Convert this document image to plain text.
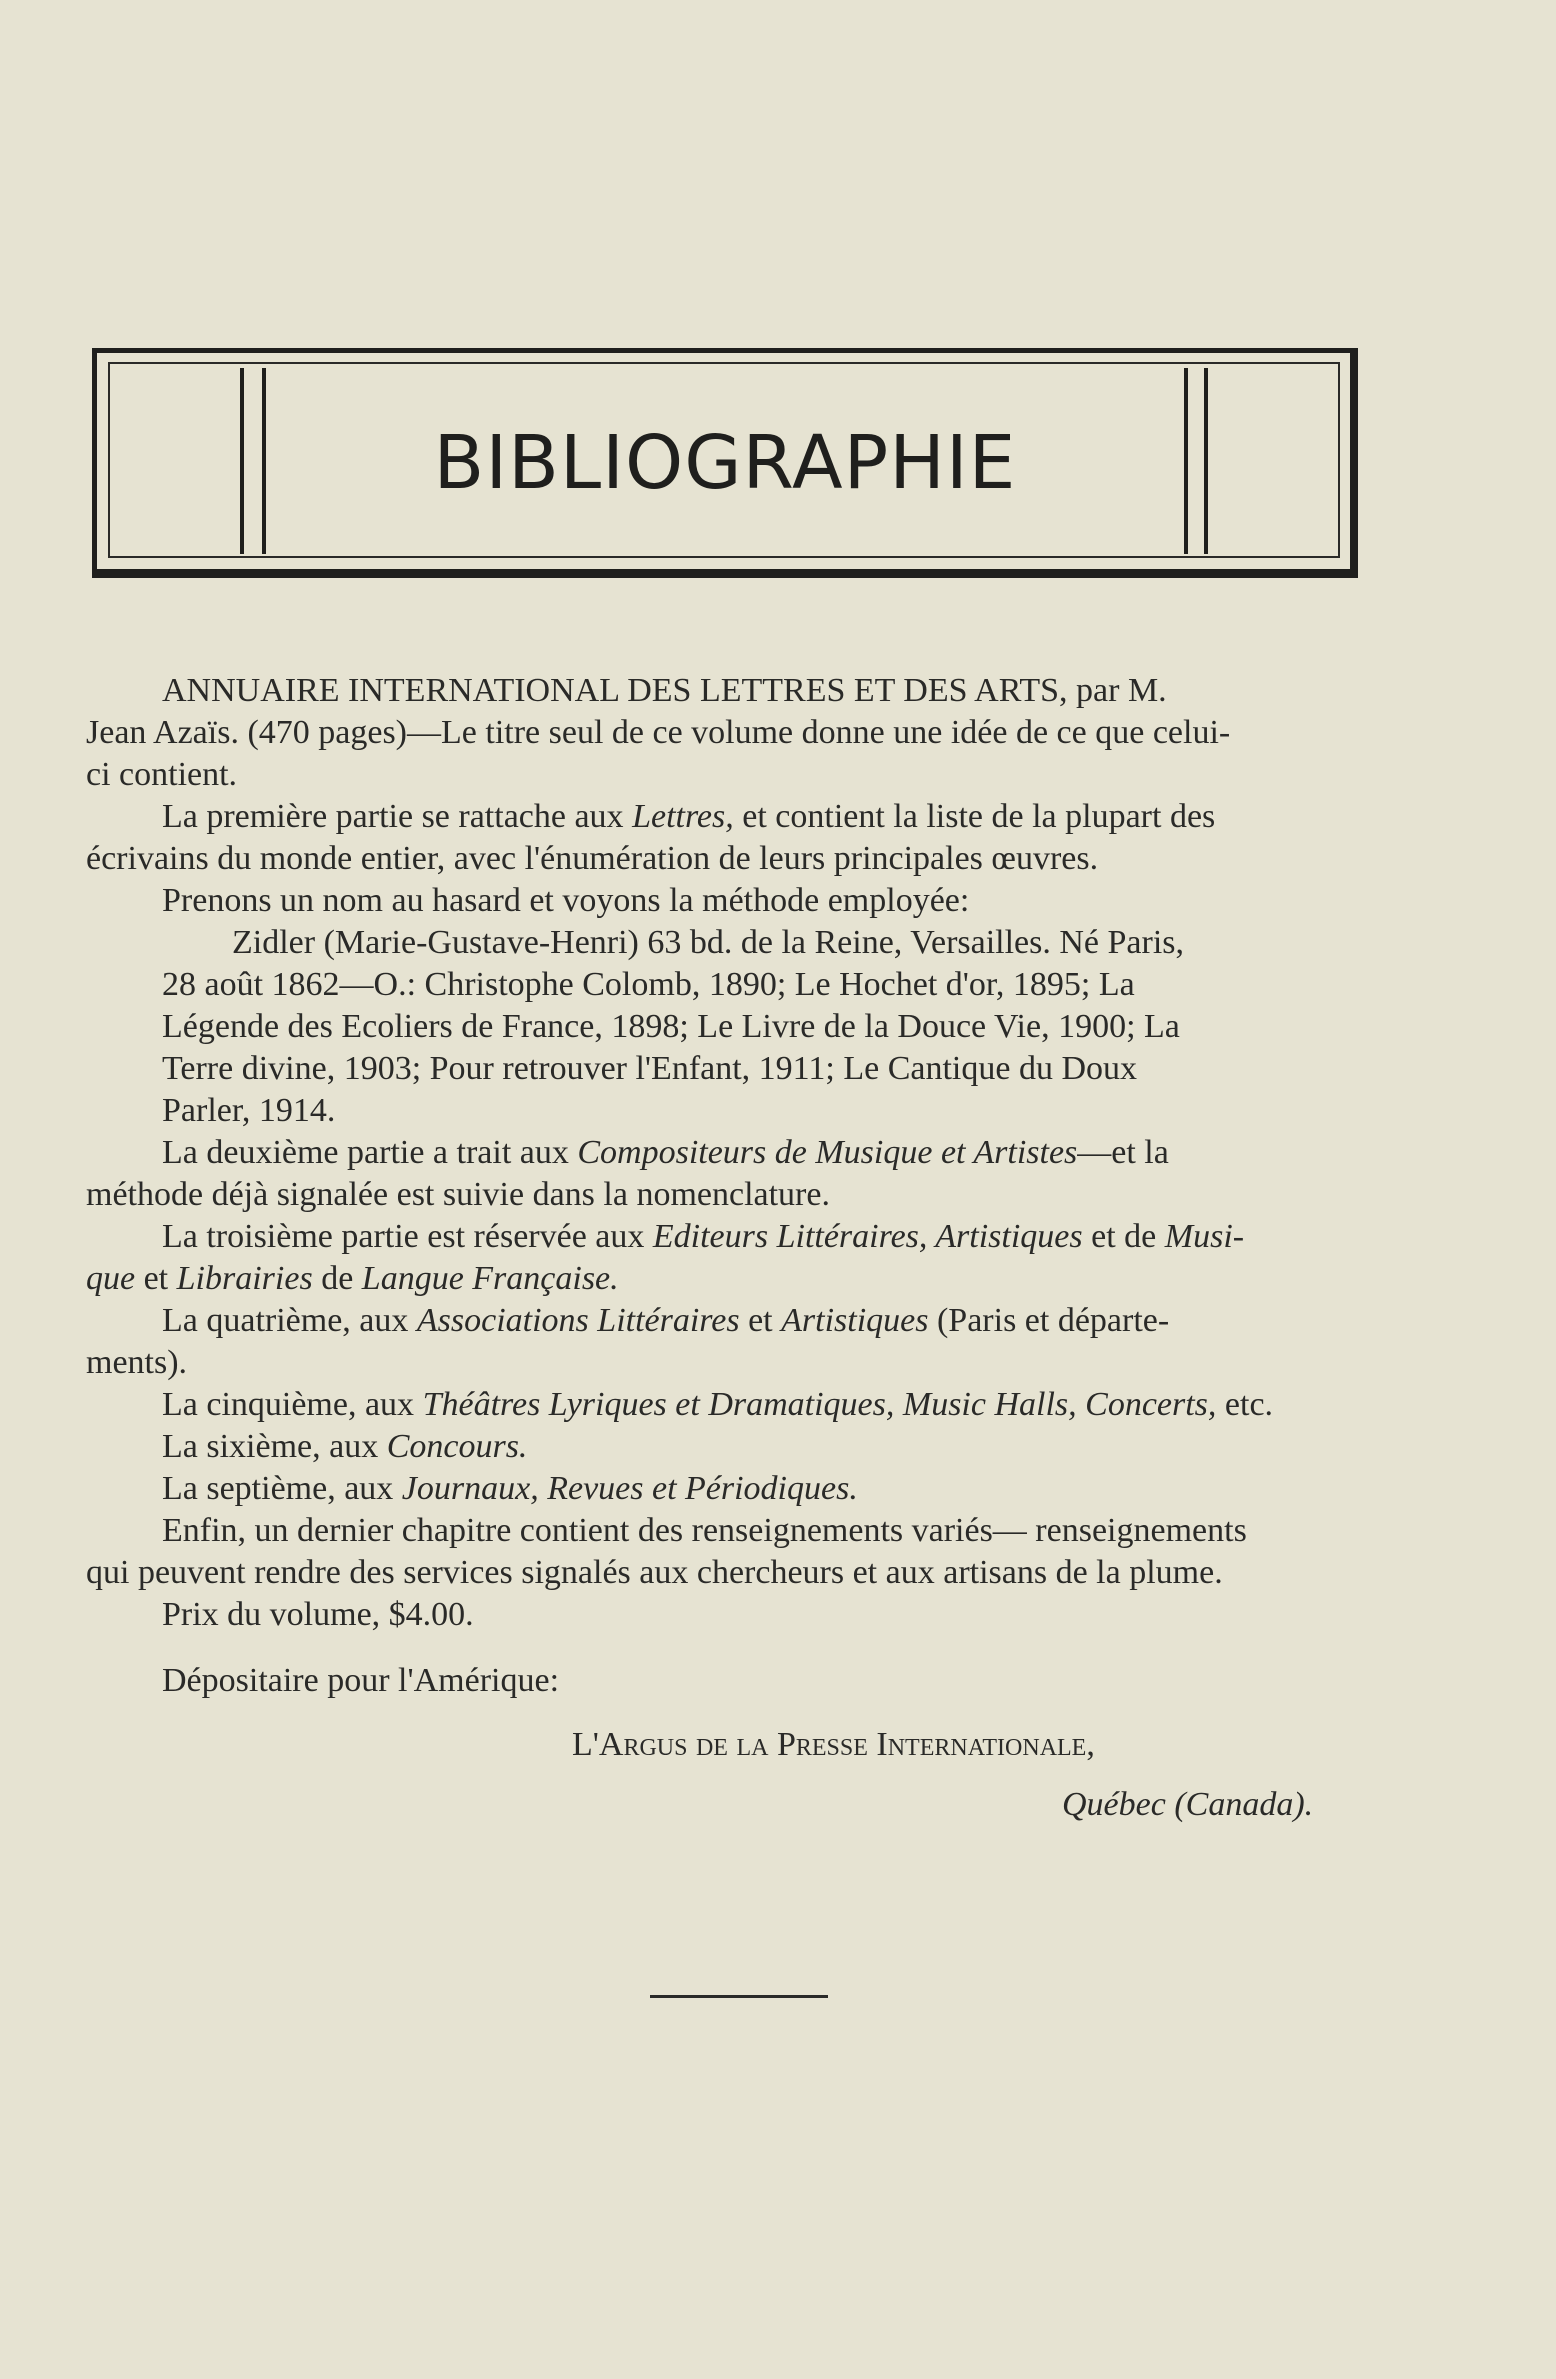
BIBLIOGRAPHIE
ANNUAIRE INTERNATIONAL DES LETTRES ET DES ARTS, par M.
Jean Azaïs. (470 pages)—Le titre seul de ce volume donne une idée de ce que celui-
ci contient.
La première partie se rattache aux Lettres, et contient la liste de la plupart des
écrivains du monde entier, avec l'énumération de leurs principales œuvres.
Prenons un nom au hasard et voyons la méthode employée:
Zidler (Marie-Gustave-Henri) 63 bd. de la Reine, Versailles. Né Paris,
28 août 1862—O.: Christophe Colomb, 1890; Le Hochet d'or, 1895; La
Légende des Ecoliers de France, 1898; Le Livre de la Douce Vie, 1900; La
Terre divine, 1903; Pour retrouver l'Enfant, 1911; Le Cantique du Doux
Parler, 1914.
La deuxième partie a trait aux Compositeurs de Musique et Artistes—et la
méthode déjà signalée est suivie dans la nomenclature.
La troisième partie est réservée aux Editeurs Littéraires, Artistiques et de Musi-
que et Librairies de Langue Française.
La quatrième, aux Associations Littéraires et Artistiques (Paris et départe-
ments).
La cinquième, aux Théâtres Lyriques et Dramatiques, Music Halls, Concerts, etc.
La sixième, aux Concours.
La septième, aux Journaux, Revues et Périodiques.
Enfin, un dernier chapitre contient des renseignements variés— renseignements
qui peuvent rendre des services signalés aux chercheurs et aux artisans de la plume.
Prix du volume, $4.00.
Dépositaire pour l'Amérique:
L'Argus de la Presse Internationale,
Québec (Canada).
